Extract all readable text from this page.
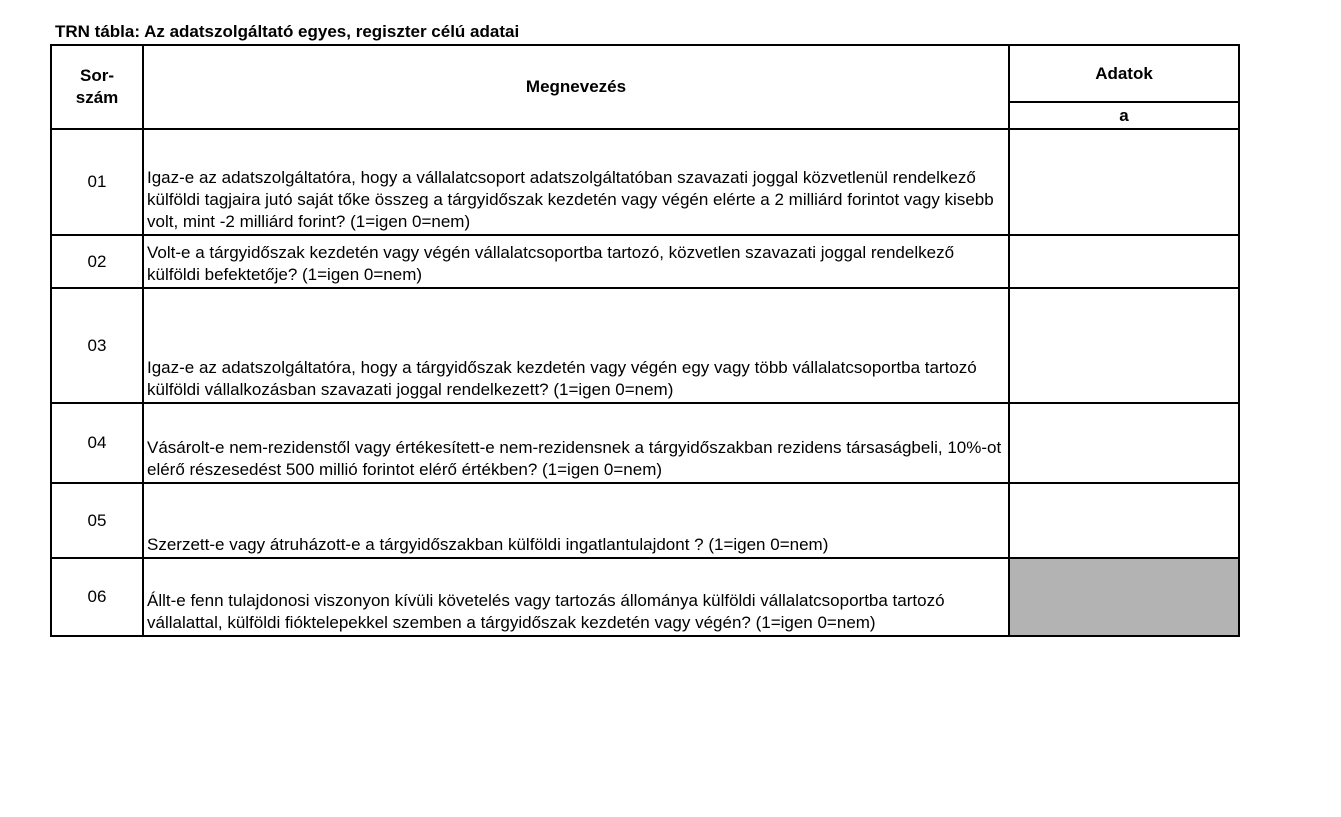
TRN tábla: Az adatszolgáltató egyes, regiszter célú adatai
Sor-
szám	Megnevezés	Adatok
		a
01	Igaz-e az adatszolgáltatóra, hogy a vállalatcsoport adatszolgáltatóban szavazati joggal közvetlenül rendelkező külföldi tagjaira jutó saját tőke összeg a tárgyidőszak kezdetén vagy végén elérte a 2 milliárd forintot vagy kisebb volt, mint -2 milliárd forint? (1=igen 0=nem)	
02	Volt-e a tárgyidőszak kezdetén vagy végén vállalatcsoportba tartozó, közvetlen szavazati joggal rendelkező külföldi befektetője? (1=igen 0=nem)	
03	Igaz-e az adatszolgáltatóra, hogy a tárgyidőszak kezdetén vagy végén egy vagy több vállalatcsoportba tartozó külföldi vállalkozásban szavazati joggal rendelkezett? (1=igen 0=nem)	
04	Vásárolt-e nem-rezidenstől vagy értékesített-e nem-rezidensnek a tárgyidőszakban rezidens társaságbeli, 10%-ot elérő részesedést 500 millió forintot elérő értékben? (1=igen 0=nem)	
05	Szerzett-e vagy átruházott-e a tárgyidőszakban külföldi ingatlantulajdont ? (1=igen 0=nem)	
06	Állt-e fenn tulajdonosi viszonyon kívüli követelés vagy tartozás állománya külföldi vállalatcsoportba tartozó vállalattal, külföldi fióktelepekkel szemben a tárgyidőszak kezdetén vagy végén? (1=igen 0=nem)	
